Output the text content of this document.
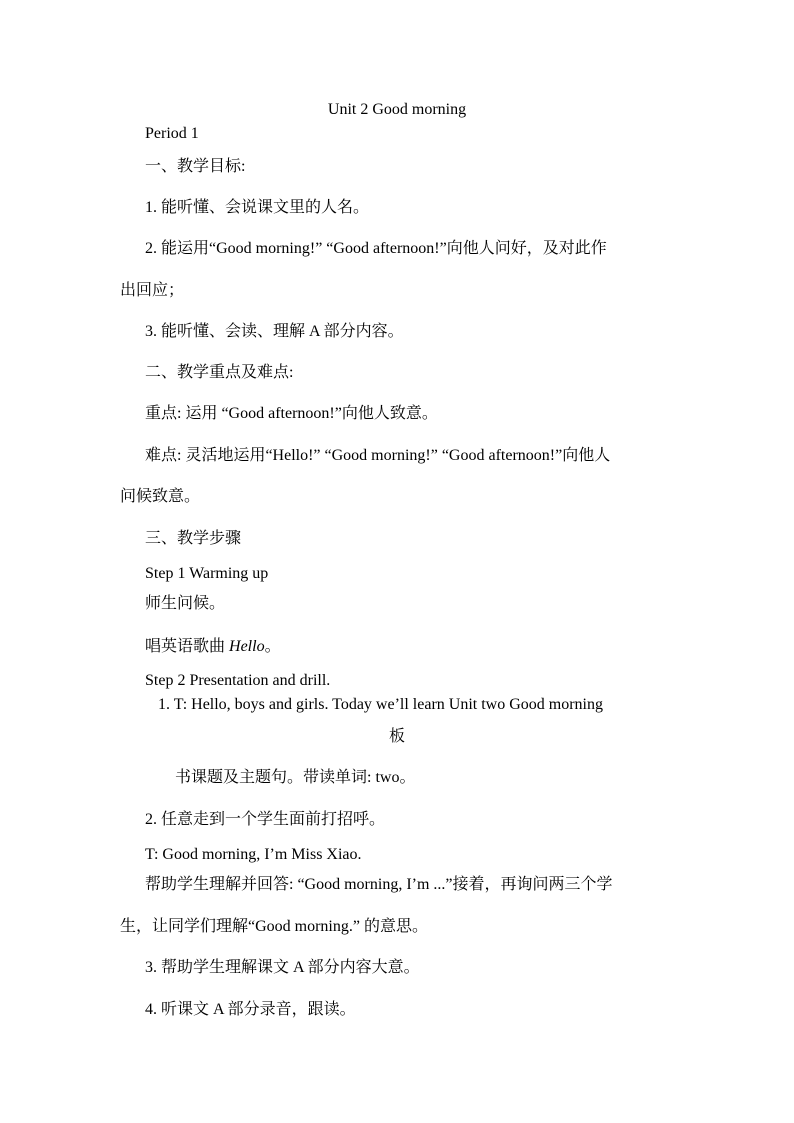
Unit 2 Good morning
Period 1
一、教学目标:
1. 能听懂、会说课文里的人名。
2. 能运用“Good morning!” “Good afternoon!”向他人问好，及对此作
出回应；
3. 能听懂、会读、理解 A 部分内容。
二、教学重点及难点:
重点: 运用 “Good afternoon!”向他人致意。
难点: 灵活地运用“Hello!” “Good morning!” “Good afternoon!”向他人
问候致意。
三、教学步骤
Step 1 Warming up
师生问候。
唱英语歌曲 Hello。
Step 2 Presentation and drill.
1. T: Hello, boys and girls. Today we’ll learn Unit two Good morning
板
书课题及主题句。带读单词: two。
2. 任意走到一个学生面前打招呼。
T: Good morning, I’m Miss Xiao.
帮助学生理解并回答: “Good morning, I’m ...”接着，再询问两三个学
生，让同学们理解“Good morning.” 的意思。
3. 帮助学生理解课文 A 部分内容大意。
4. 听课文 A 部分录音，跟读。
